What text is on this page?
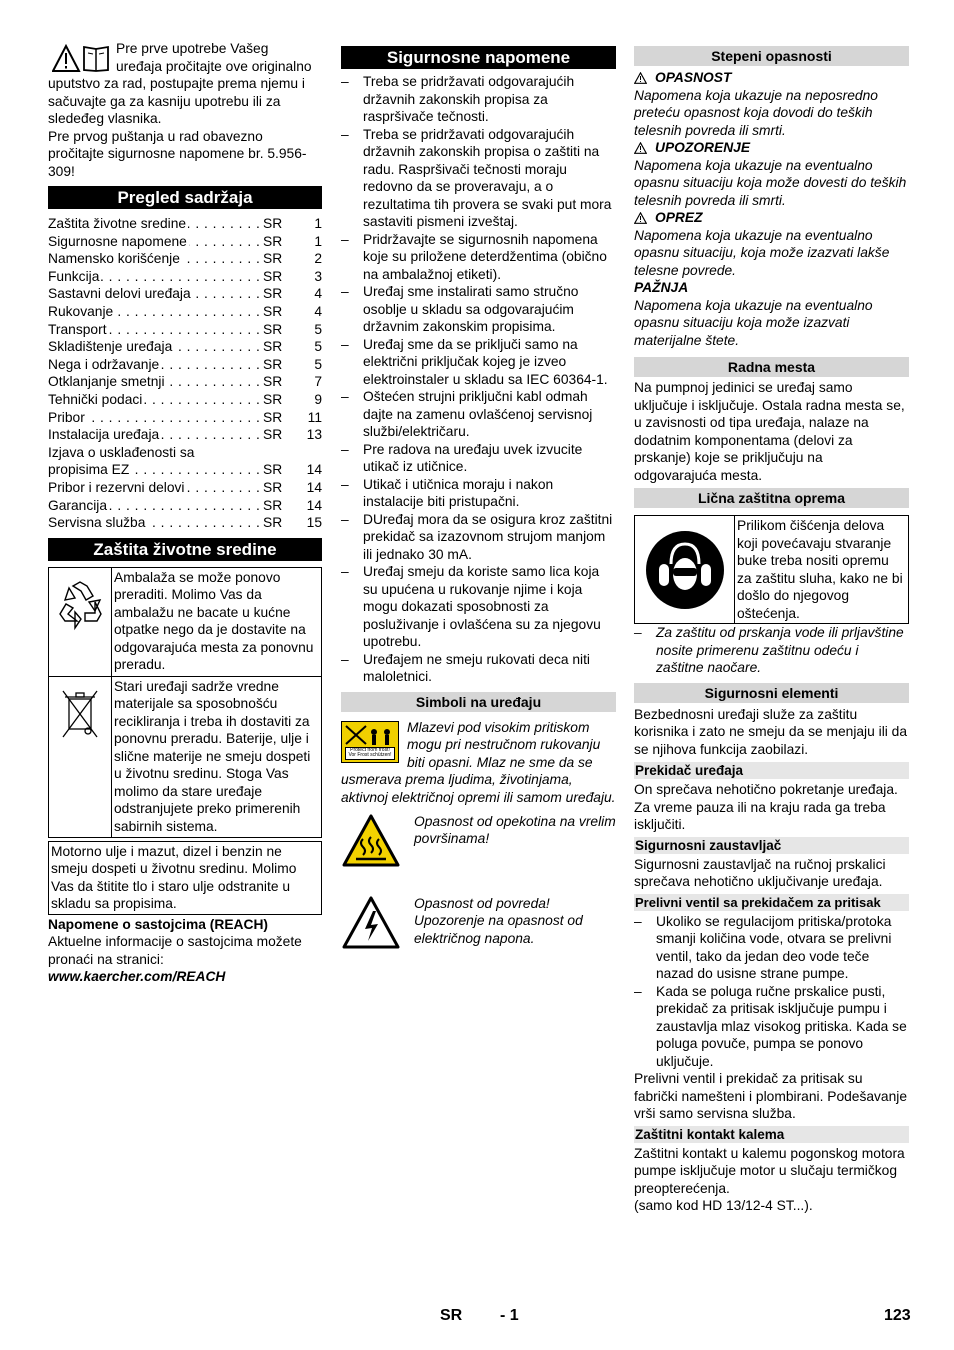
Pre prve upotrebe Vašeg

uređaja pročitajte ove originalno

uputstvo za rad, postupajte prema njemu i

sačuvajte ga za kasniju upotrebu ili za

sledeđeg vlasnika.

Pre prvog puštanja u rad obavezno

pročitajte sigurnosne napomene br. 5.956-

309!

Pregled sadržaja
Zaštita životne sredine . . .	SR	1
Sigurnosne napomene . . .	SR	1
Namensko korišćenje . . .	SR	2
Funkcija . . .	SR	3
Sastavni delovi uređaja . . .	SR	4
Rukovanje . . .	SR	4
Transport . . .	SR	5
Skladištenje uređaja . . .	SR	5
Nega i održavanje . . .	SR	5
Otklanjanje smetnji . . .	SR	7
Tehnički podaci . . .	SR	9
Pribor . . .	SR	11
Instalacija uređaja . . .	SR	13
Izjava o usklađenosti sa
propisima EZ . . .	SR	14
Pribor i rezervni delovi . . .	SR	14
Garancija . . .	SR	14
Servisna služba . . .	SR	15
Zaštita životne sredine
Ambalaža se može ponovo preraditi. Molimo Vas da ambalažu ne bacate u kućne otpatke nego da je dostavite na odgovarajuća mesta za ponovnu preradu.
Stari uređaji sadrže vredne materijale sa sposobnošću recikliranja i treba ih dostaviti za ponovnu preradu. Baterije, ulje i slične materije ne smeju dospeti u životnu sredinu. Stoga Vas molimo da stare uređaje odstranjujete preko primerenih sabirnih sistema.
Motorno ulje i mazut, dizel i benzin ne smeju dospeti u životnu sredinu. Molimo Vas da štitite tlo i staro ulje odstranite u skladu sa propisima.

Napomene o sastojcima (REACH)

Aktuelne informacije o sastojcima možete pronaći na stranici:

www.kaercher.com/REACH

Sigurnosne napomene
– Treba se pridržavati odgovarajućih državnih zakonskih propisa za raspršivače tečnosti.
– Treba se pridržavati odgovarajućih državnih zakonskih propisa o zaštiti na radu. Raspršivači tečnosti moraju redovno da se proveravaju, a o rezultatima tih provera se svaki put mora sastaviti pismeni izveštaj.
– Pridržavajte se sigurnosnih napomena koje su priložene deterdžentima (obično na ambalažnoj etiketi).
– Uređaj sme instalirati samo stručno osoblje u skladu sa odgovarajućim državnim zakonskim propisima.
– Uređaj sme da se priključi samo na električni priključak kojeg je izveo elektroinstaler u skladu sa IEC 60364-1.
– Oštećen strujni priključni kabl odmah dajte na zamenu ovlašćenoj servisnoj službi/električaru.
– Pre radova na uređaju uvek izvucite utikač iz utičnice.
– Utikač i utičnica moraju i nakon instalacije biti pristupačni.
– DUređaj mora da se osigura kroz zaštitni prekidač sa izazovnom strujom manjom ili jednako 30 mA.
– Uređaj smeju da koriste samo lica koja su upućena u rukovanje njime i koja mogu dokazati sposobnosti za posluživanje i ovlašćena su za njegovu upotrebu.
– Uređajem ne smeju rukovati deca niti maloletnici.
Simboli na uređaju
Protect from frost! Vor Frost schützen!

Mlazevi pod visokim pritiskom mogu pri nestručnom rukovanju biti opasni. Mlaz ne sme da se usmerava prema ljudima, životinjama, aktivnoj električnoj opremi ili samom uređaju.

Opasnost od opekotina na vrelim površinama!

Opasnost od povreda! Upozorenje na opasnost od električnog napona.

Stepeni opasnosti
OPASNOST

Napomena koja ukazuje na neposredno preteću opasnost koja dovodi do teških telesnih povreda ili smrti.

UPOZORENJE

Napomena koja ukazuje na eventualno opasnu situaciju koja može dovesti do teških telesnih povreda ili smrti.

OPREZ

Napomena koja ukazuje na eventualno opasnu situaciju, koja može izazvati lakše telesne povrede.

PAŽNJA

Napomena koja ukazuje na eventualno opasnu situaciju koja može izazvati materijalne štete.

Radna mesta

Na pumpnoj jedinici se uređaj samo uključuje i isključuje. Ostala radna mesta se, u zavisnosti od tipa uređaja, nalaze na dodatnim komponentama (delovi za prskanje) koje se priključuju na odgovarajuća mesta.

Lična zaštitna oprema
Prilikom čišćenja delova koji povećavaju stvaranje buke treba nositi opremu za zaštitu sluha, kako ne bi došlo do njegovog oštećenja.
– Za zaštitu od prskanja vode ili prljavštine nosite primerenu zaštitnu odeću i zaštitne naočare.
Sigurnosni elementi

Bezbednosni uređaji služe za zaštitu korisnika i zato ne smeju da se menjaju ili da se njihova funkcija zaobilazi.

Prekidač uređaja

On sprečava nehotično pokretanje uređaja. Za vreme pauza ili na kraju rada ga treba isključiti.

Sigurnosni zaustavljač

Sigurnosni zaustavljač na ručnoj prskalici sprečava nehotično uključivanje uređaja.

Prelivni ventil sa prekidačem za pritisak
– Ukoliko se regulacijom pritiska/protoka smanji količina vode, otvara se prelivni ventil, tako da jedan deo vode teče nazad do usisne strane pumpe.
– Kada se poluga ručne prskalice pusti, prekidač za pritisak isključuje pumpu i zaustavlja mlaz visokog pritiska. Kada se poluga povuče, pumpa se ponovo uključuje.

Prelivni ventil i prekidač za pritisak su fabrički namešteni i plombirani. Podešavanje vrši samo servisna služba.

Zaštitni kontakt kalema

Zaštitni kontakt u kalemu pogonskog motora pumpe isključuje motor u slučaju termičkog preopterećenja.

(samo kod HD 13/12-4 ST...).

SR - 1	123
